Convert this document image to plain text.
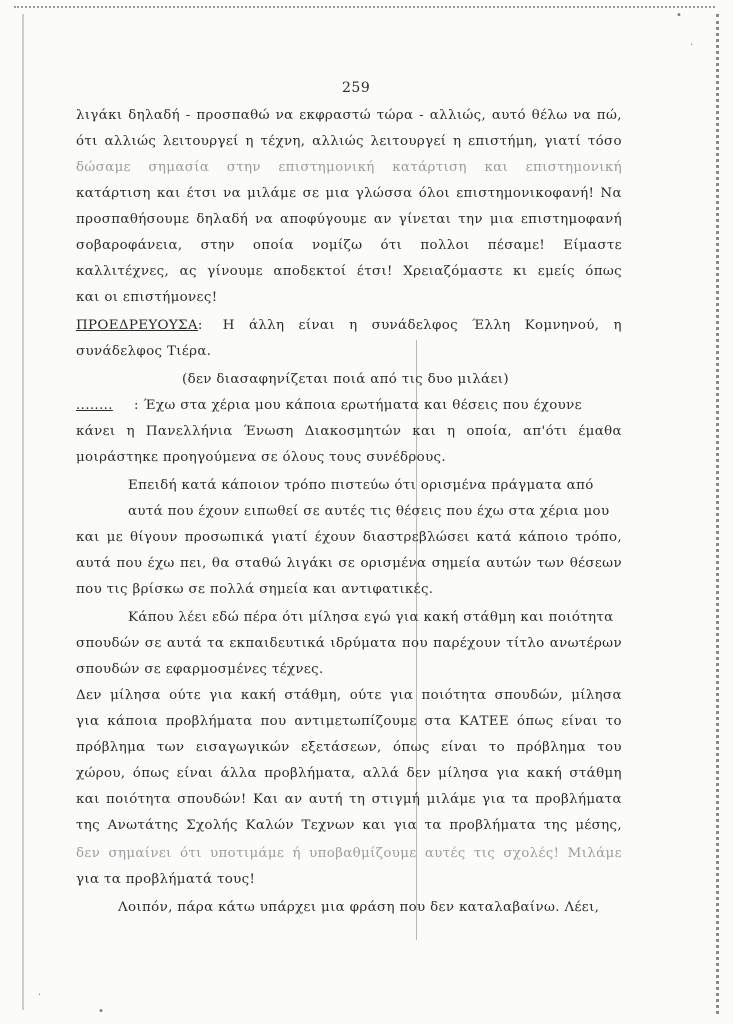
•
·
·
•
259
λιγάκι δηλαδή - προσπαθώ να εκφραστώ τώρα - αλλιώς, αυτό θέλω να πώ,
ότι αλλιώς λειτουργεί η τέχνη, αλλιώς λειτουργεί η επιστήμη, γιατί τόσο
δώσαμε σημασία στην επιστημονική κατάρτιση και επιστημονική
κατάρτιση και έτσι να μιλάμε σε μια γλώσσα όλοι επιστημονικοφανή! Να
προσπαθήσουμε δηλαδή να αποφύγουμε αν γίνεται την μια επιστημοφανή
σοβαροφάνεια, στην οποία νομίζω ότι πολλοι πέσαμε! Είμαστε
καλλιτέχνες, ας γίνουμε αποδεκτοί έτσι! Χρειαζόμαστε κι εμείς όπως
και οι επιστήμονες!
ΠΡΟΕΔΡΕΥΟΥΣΑ : Η άλλη είναι η συνάδελφος Έλλη Κομνηνού, η
συνάδελφος Τιέρα.
(δεν διασαφηνίζεται ποιά από τις δυο μιλάει)
........	: Έχω στα χέρια μου κάποια ερωτήματα και θέσεις που έχουνε
κάνει η Πανελλήνια Ένωση Διακοσμητών και η οποία, απ'ότι έμαθα
μοιράστηκε προηγούμενα σε όλους τους συνέδρους.
Επειδή κατά κάποιον τρόπο πιστεύω ότι ορισμένα πράγματα από
αυτά που έχουν ειπωθεί σε αυτές τις θέσεις που έχω στα χέρια μου
και με θίγουν προσωπικά γιατί έχουν διαστρεβλώσει κατά κάποιο τρόπο,
αυτά που έχω πει, θα σταθώ λιγάκι σε ορισμένα σημεία αυτών των θέσεων
που τις βρίσκω σε πολλά σημεία και αντιφατικές.
Κάπου λέει εδώ πέρα ότι μίλησα εγώ για κακή στάθμη και ποιότητα
σπουδών σε αυτά τα εκπαιδευτικά ιδρύματα που παρέχουν τίτλο ανωτέρων
σπουδών σε εφαρμοσμένες τέχνες.
Δεν μίλησα ούτε για κακή στάθμη, ούτε για ποιότητα σπουδών, μίλησα
για κάποια προβλήματα που αντιμετωπίζουμε στα ΚΑΤΕΕ όπως είναι το
πρόβλημα των εισαγωγικών εξετάσεων, όπως είναι το πρόβλημα του
χώρου, όπως είναι άλλα προβλήματα, αλλά δεν μίλησα για κακή στάθμη
και ποιότητα σπουδών! Και αν αυτή τη στιγμή μιλάμε για τα προβλήματα
της Ανωτάτης Σχολής Καλών Τεχνων και για τα προβλήματα της μέσης,
δεν σημαίνει ότι υποτιμάμε ή υποβαθμίζουμε αυτές τις σχολές! Μιλάμε
για τα προβλήματά τους!
Λοιπόν, πάρα κάτω υπάρχει μια φράση που δεν καταλαβαίνω. Λέει,
